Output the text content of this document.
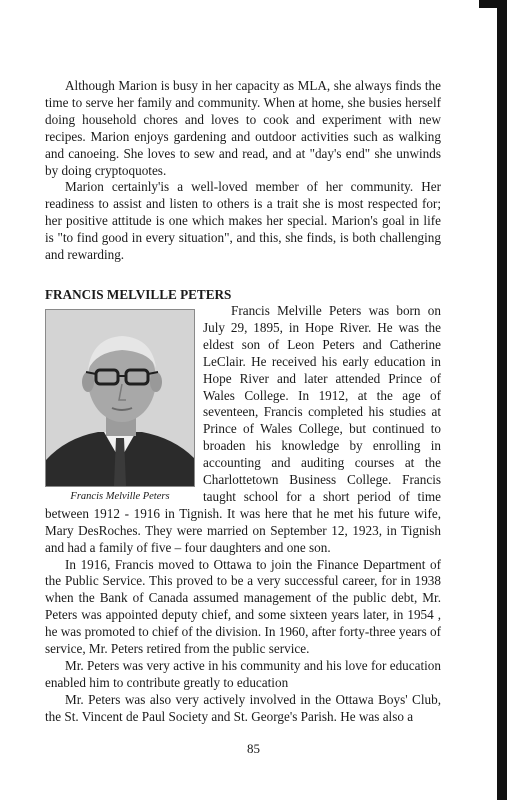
Although Marion is busy in her capacity as MLA, she always finds the time to serve her family and community. When at home, she busies herself doing household chores and loves to cook and experiment with new recipes. Marion enjoys gardening and outdoor activities such as walking and canoeing. She loves to sew and read, and at "day's end" she unwinds by doing cryptoquotes.

Marion certainly'is a well-loved member of her community. Her readiness to assist and listen to others is a trait she is most respected for; her positive attitude is one which makes her special. Marion's goal in life is "to find good in every situation", and this, she finds, is both challenging and rewarding.

FRANCIS MELVILLE PETERS

Francis Melville Peters

Francis Melville Peters was born on July 29, 1895, in Hope River. He was the eldest son of Leon Peters and Catherine LeClair. He received his early education in Hope River and later attended Prince of Wales College. In 1912, at the age of seventeen, Francis completed his studies at Prince of Wales College, but continued to broaden his knowledge by enrolling in accounting and auditing courses at the Charlottetown Business College. Francis taught school for a short period of time between 1912 - 1916 in Tignish. It was here that he met his future wife, Mary DesRoches. They were married on September 12, 1923, in Tignish and had a family of five – four daughters and one son.

In 1916, Francis moved to Ottawa to join the Finance Department of the Public Service. This proved to be a very successful career, for in 1938 when the Bank of Canada assumed management of the public debt, Mr. Peters was appointed deputy chief, and some sixteen years later, in 1954 , he was promoted to chief of the division. In 1960, after forty-three years of service, Mr. Peters retired from the public service.

Mr. Peters was very active in his community and his love for education enabled him to contribute greatly to education

Mr. Peters was also very actively involved in the Ottawa Boys' Club, the St. Vincent de Paul Society and St. George's Parish. He was also a

85
